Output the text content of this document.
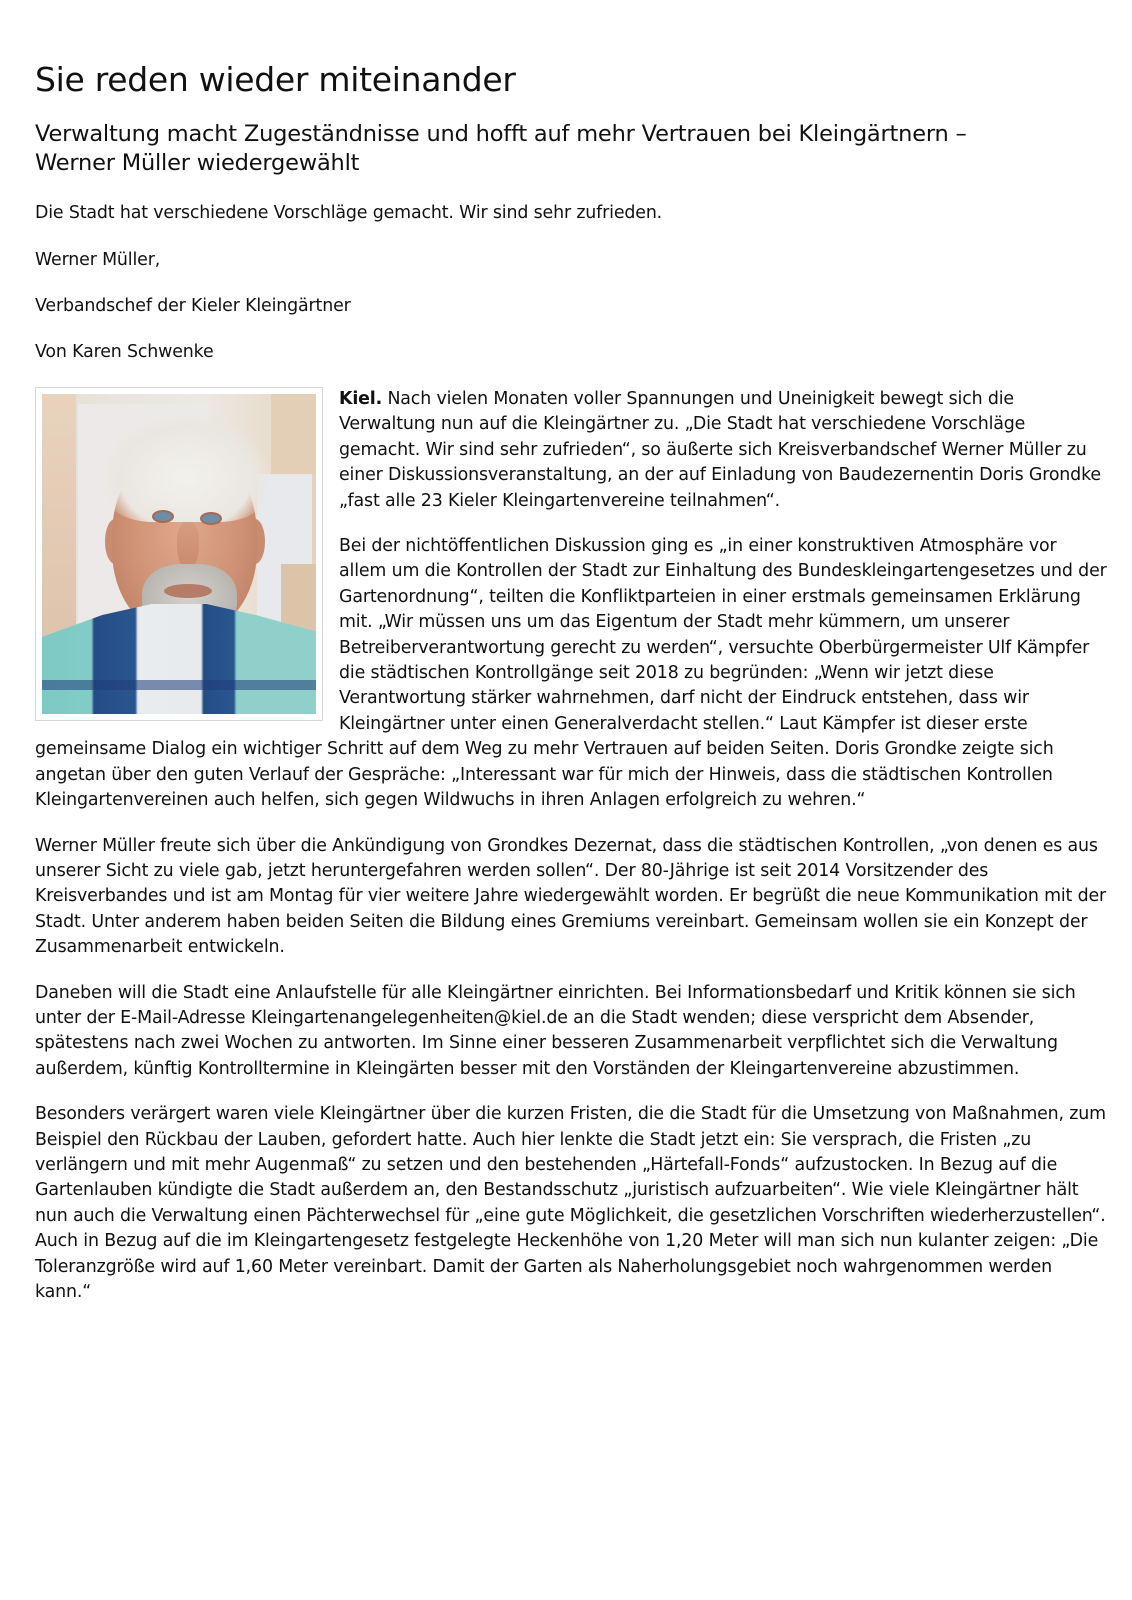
Sie reden wieder miteinander
Verwaltung macht Zugeständnisse und hofft auf mehr Vertrauen bei Kleingärtnern – Werner Müller wiedergewählt

Die Stadt hat verschiedene Vorschläge gemacht. Wir sind sehr zufrieden.

Werner Müller,

Verbandschef der Kieler Kleingärtner

Von Karen Schwenke

Kiel. Nach vielen Monaten voller Spannungen und Uneinigkeit bewegt sich die Verwaltung nun auf die Kleingärtner zu. „Die Stadt hat verschiedene Vorschläge gemacht. Wir sind sehr zufrieden“, so äußerte sich Kreisverbandschef Werner Müller zu einer Diskussionsveranstaltung, an der auf Einladung von Baudezernentin Doris Grondke „fast alle 23 Kieler Kleingartenvereine teilnahmen“.

Bei der nichtöffentlichen Diskussion ging es „in einer konstruktiven Atmosphäre vor allem um die Kontrollen der Stadt zur Einhaltung des Bundeskleingartengesetzes und der Gartenordnung“, teilten die Konfliktparteien in einer erstmals gemeinsamen Erklärung mit. „Wir müssen uns um das Eigentum der Stadt mehr kümmern, um unserer Betreiberverantwortung gerecht zu werden“, versuchte Oberbürgermeister Ulf Kämpfer die städtischen Kontrollgänge seit 2018 zu begründen: „Wenn wir jetzt diese Verantwortung stärker wahrnehmen, darf nicht der Eindruck entstehen, dass wir Kleingärtner unter einen Generalverdacht stellen.“ Laut Kämpfer ist dieser erste gemeinsame Dialog ein wichtiger Schritt auf dem Weg zu mehr Vertrauen auf beiden Seiten. Doris Grondke zeigte sich angetan über den guten Verlauf der Gespräche: „Interessant war für mich der Hinweis, dass die städtischen Kontrollen Kleingartenvereinen auch helfen, sich gegen Wildwuchs in ihren Anlagen erfolgreich zu wehren.“

Werner Müller freute sich über die Ankündigung von Grondkes Dezernat, dass die städtischen Kontrollen, „von denen es aus unserer Sicht zu viele gab, jetzt heruntergefahren werden sollen“. Der 80-Jährige ist seit 2014 Vorsitzender des Kreisverbandes und ist am Montag für vier weitere Jahre wiedergewählt worden. Er begrüßt die neue Kommunikation mit der Stadt. Unter anderem haben beiden Seiten die Bildung eines Gremiums vereinbart. Gemeinsam wollen sie ein Konzept der Zusammenarbeit entwickeln.

Daneben will die Stadt eine Anlaufstelle für alle Kleingärtner einrichten. Bei Informationsbedarf und Kritik können sie sich unter der E-Mail-Adresse Kleingartenangelegenheiten@kiel.de an die Stadt wenden; diese verspricht dem Absender, spätestens nach zwei Wochen zu antworten. Im Sinne einer besseren Zusammenarbeit verpflichtet sich die Verwaltung außerdem, künftig Kontrolltermine in Kleingärten besser mit den Vorständen der Kleingartenvereine abzustimmen.

Besonders verärgert waren viele Kleingärtner über die kurzen Fristen, die die Stadt für die Umsetzung von Maßnahmen, zum Beispiel den Rückbau der Lauben, gefordert hatte. Auch hier lenkte die Stadt jetzt ein: Sie versprach, die Fristen „zu verlängern und mit mehr Augenmaß“ zu setzen und den bestehenden „Härtefall-Fonds“ aufzustocken. In Bezug auf die Gartenlauben kündigte die Stadt außerdem an, den Bestandsschutz „juristisch aufzuarbeiten“. Wie viele Kleingärtner hält nun auch die Verwaltung einen Pächterwechsel für „eine gute Möglichkeit, die gesetzlichen Vorschriften wiederherzustellen“. Auch in Bezug auf die im Kleingartengesetz festgelegte Heckenhöhe von 1,20 Meter will man sich nun kulanter zeigen: „Die Toleranzgröße wird auf 1,60 Meter vereinbart. Damit der Garten als Naherholungsgebiet noch wahrgenommen werden kann.“
